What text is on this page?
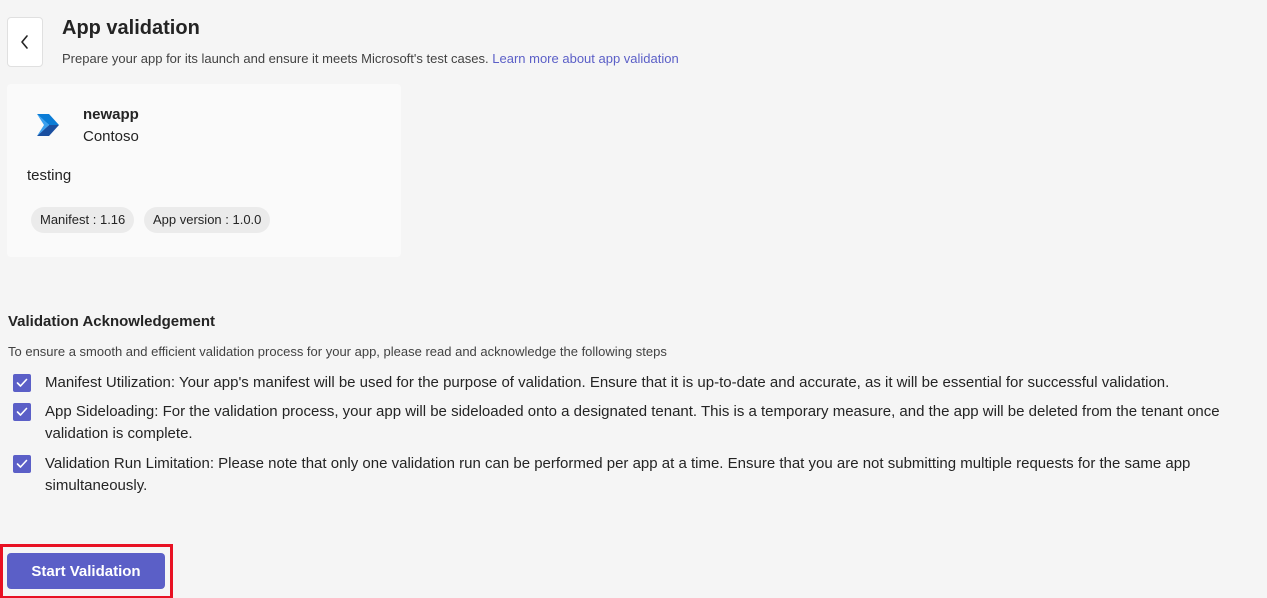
App validation
Prepare your app for its launch and ensure it meets Microsoft's test cases. Learn more about app validation
newapp
Contoso
testing
Manifest : 1.16	App version : 1.0.0
Validation Acknowledgement
To ensure a smooth and efficient validation process for your app, please read and acknowledge the following steps
Manifest Utilization: Your app's manifest will be used for the purpose of validation. Ensure that it is up-to-date and accurate, as it will be essential for successful validation.
App Sideloading: For the validation process, your app will be sideloaded onto a designated tenant. This is a temporary measure, and the app will be deleted from the tenant once validation is complete.
Validation Run Limitation: Please note that only one validation run can be performed per app at a time. Ensure that you are not submitting multiple requests for the same app simultaneously.
Start Validation
